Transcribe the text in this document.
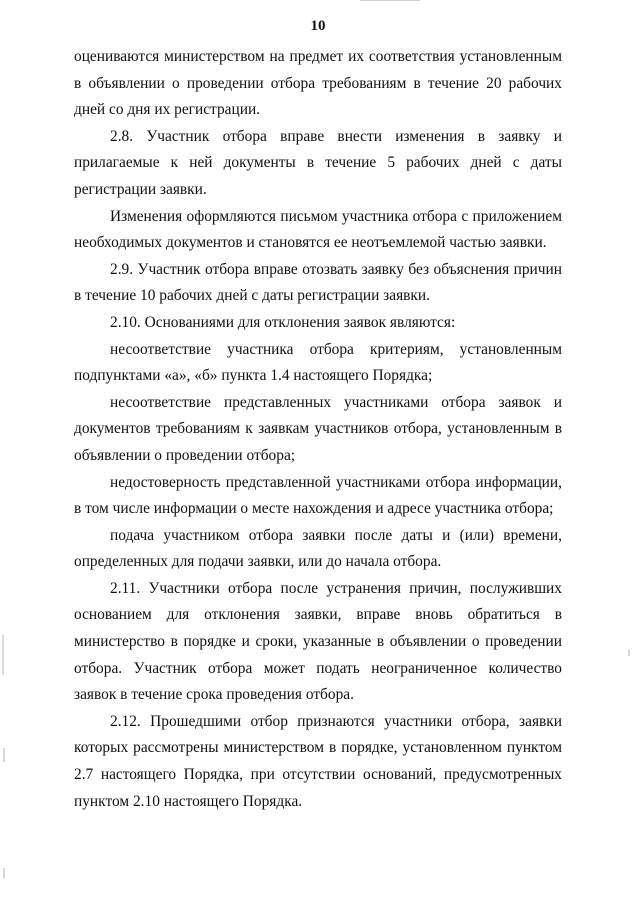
10

оцениваются министерством на предмет их соответствия установленным в объявлении о проведении отбора требованиям в течение 20 рабочих дней со дня их регистрации.

2.8. Участник отбора вправе внести изменения в заявку и прилагаемые к ней документы в течение 5 рабочих дней с даты регистрации заявки.

Изменения оформляются письмом участника отбора с приложением необходимых документов и становятся ее неотъемлемой частью заявки.

2.9. Участник отбора вправе отозвать заявку без объяснения причин в течение 10 рабочих дней с даты регистрации заявки.

2.10. Основаниями для отклонения заявок являются:

несоответствие участника отбора критериям, установленным подпунктами «а», «б» пункта 1.4 настоящего Порядка;

несоответствие представленных участниками отбора заявок и документов требованиям к заявкам участников отбора, установленным в объявлении о проведении отбора;

недостоверность представленной участниками отбора информации, в том числе информации о месте нахождения и адресе участника отбора;

подача участником отбора заявки после даты и (или) времени, определенных для подачи заявки, или до начала отбора.

2.11. Участники отбора после устранения причин, послуживших основанием для отклонения заявки, вправе вновь обратиться в министерство в порядке и сроки, указанные в объявлении о проведении отбора. Участник отбора может подать неограниченное количество заявок в течение срока проведения отбора.

2.12. Прошедшими отбор признаются участники отбора, заявки которых рассмотрены министерством в порядке, установленном пунктом 2.7 настоящего Порядка, при отсутствии оснований, предусмотренных пунктом 2.10 настоящего Порядка.
